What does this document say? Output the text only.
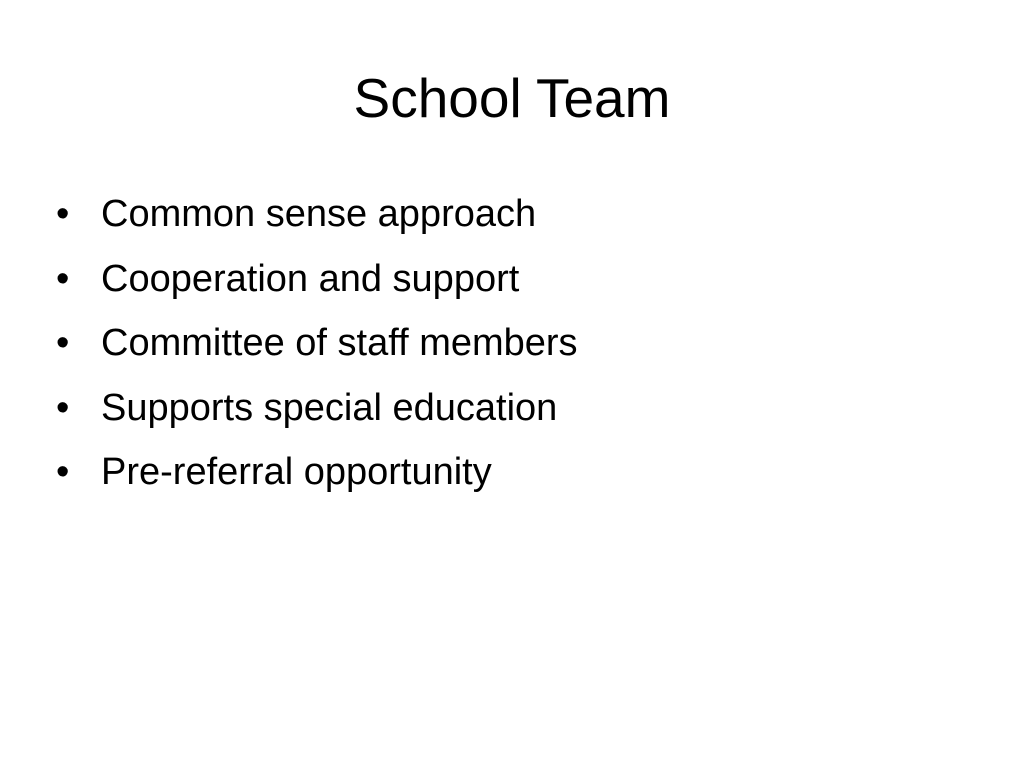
School Team
• Common sense approach
• Cooperation and support
• Committee of staff members
• Supports special education
• Pre-referral opportunity
